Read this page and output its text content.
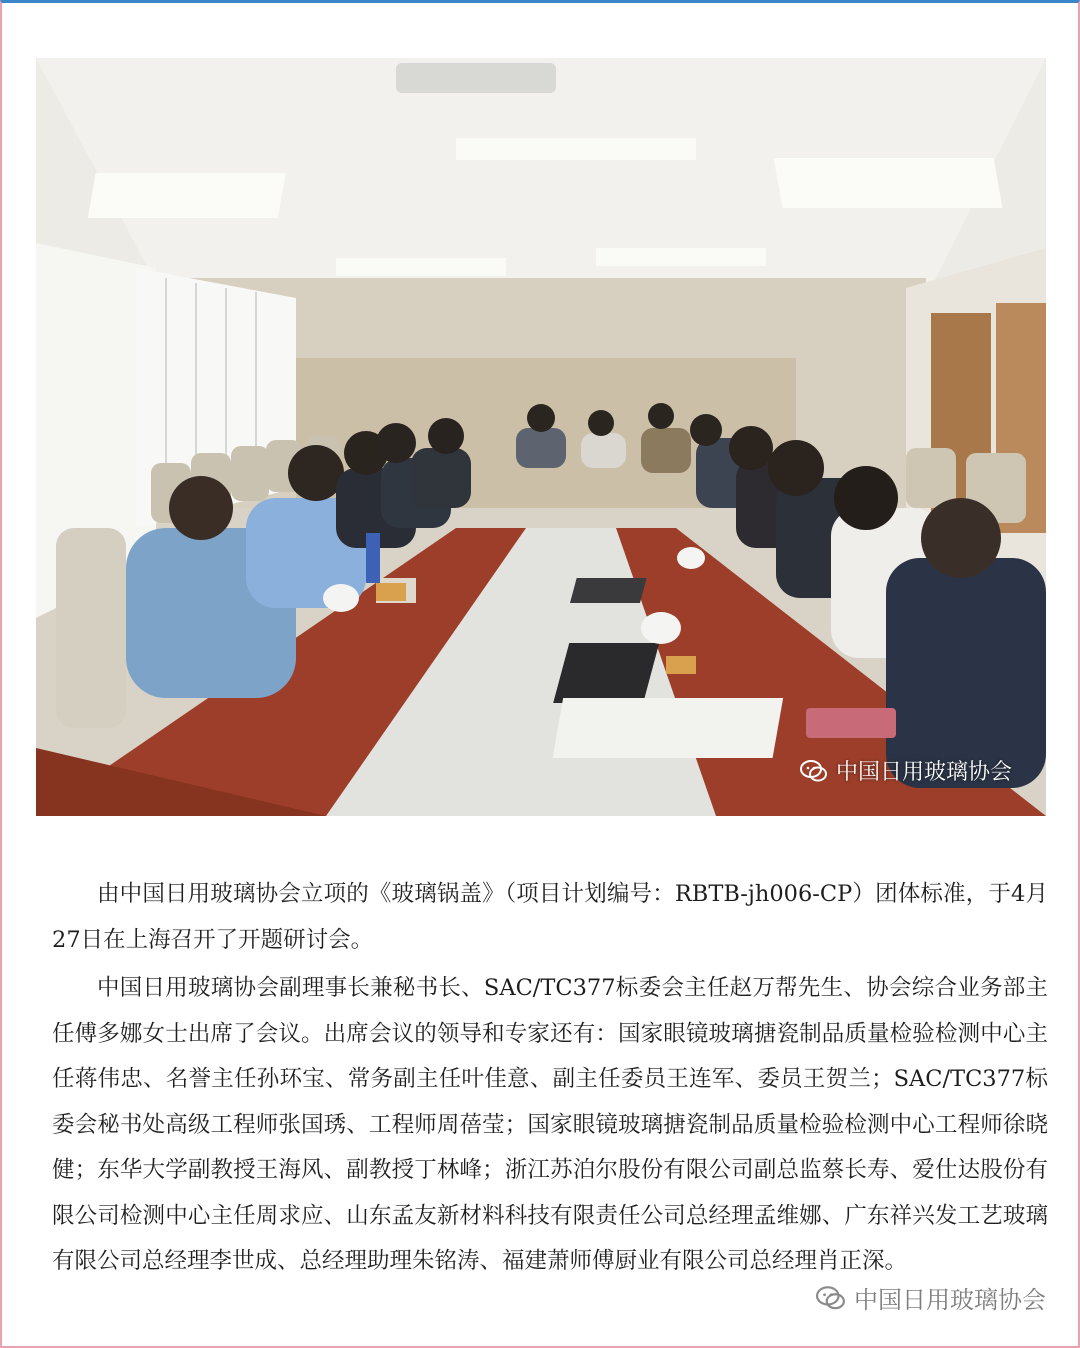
中国日用玻璃协会

由中国日用玻璃协会立项的《玻璃锅盖》（项目计划编号：RBTB-jh006-CP）团体标准，于4月27日在上海召开了开题研讨会。

中国日用玻璃协会副理事长兼秘书长、SAC/TC377标委会主任赵万帮先生、协会综合业务部主任傅多娜女士出席了会议。出席会议的领导和专家还有：国家眼镜玻璃搪瓷制品质量检验检测中心主任蒋伟忠、名誉主任孙环宝、常务副主任叶佳意、副主任委员王连军、委员王贺兰；SAC/TC377标委会秘书处高级工程师张国琇、工程师周蓓莹；国家眼镜玻璃搪瓷制品质量检验检测中心工程师徐晓健；东华大学副教授王海风、副教授丁林峰；浙江苏泊尔股份有限公司副总监蔡长寿、爱仕达股份有限公司检测中心主任周求应、山东孟友新材料科技有限责任公司总经理孟维娜、广东祥兴发工艺玻璃有限公司总经理李世成、总经理助理朱铭涛、福建萧师傅厨业有限公司总经理肖正深。

中国日用玻璃协会
